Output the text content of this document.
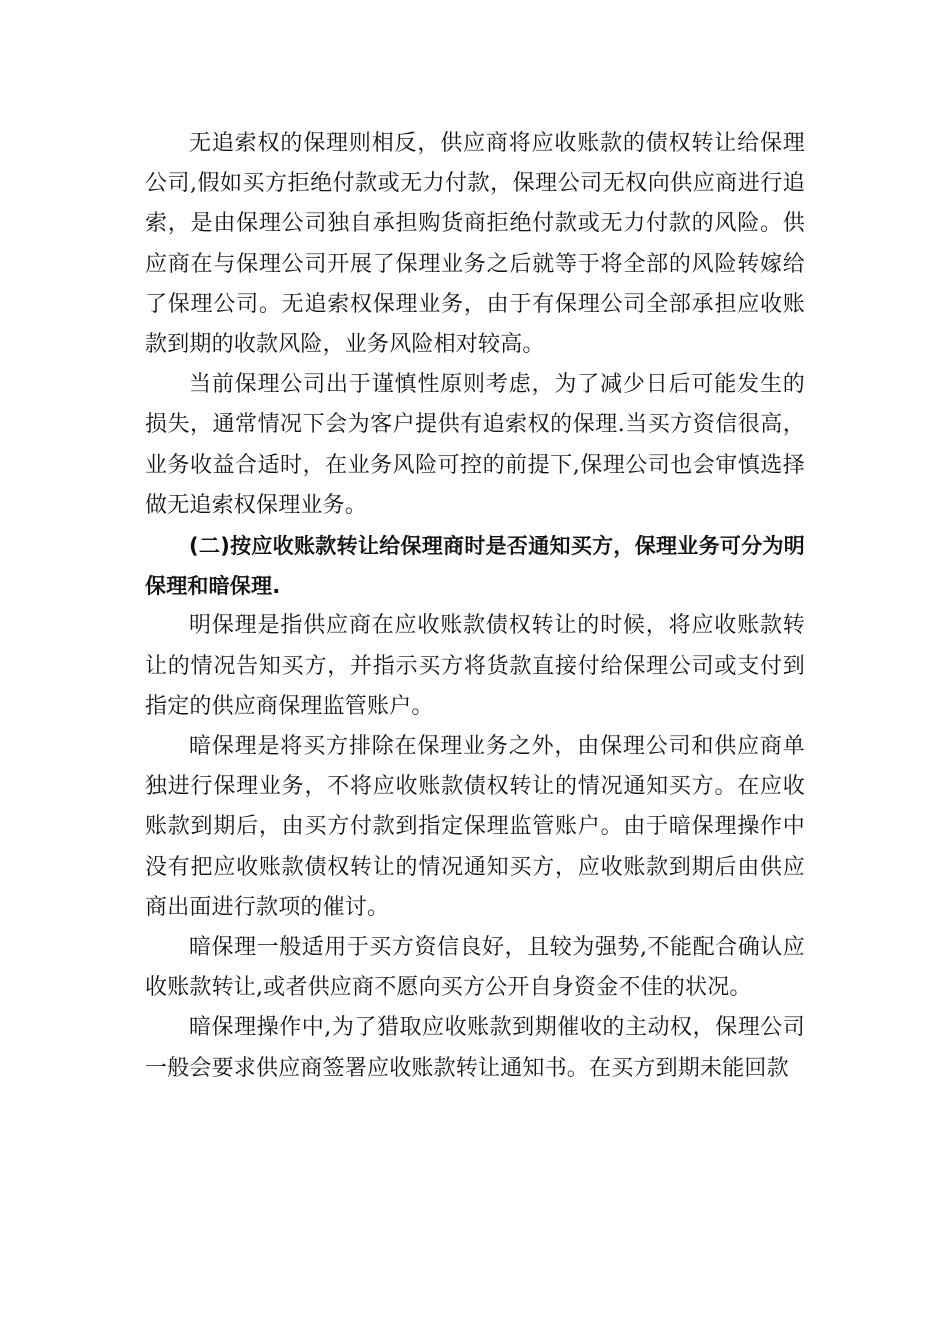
无追索权的保理则相反，供应商将应收账款的债权转让给保理公司,假如买方拒绝付款或无力付款，保理公司无权向供应商进行追索，是由保理公司独自承担购货商拒绝付款或无力付款的风险。供应商在与保理公司开展了保理业务之后就等于将全部的风险转嫁给了保理公司。无追索权保理业务，由于有保理公司全部承担应收账款到期的收款风险，业务风险相对较高。

当前保理公司出于谨慎性原则考虑，为了减少日后可能发生的损失，通常情况下会为客户提供有追索权的保理.当买方资信很高，业务收益合适时，在业务风险可控的前提下,保理公司也会审慎选择做无追索权保理业务。

(二)按应收账款转让给保理商时是否通知买方，保理业务可分为明保理和暗保理.

明保理是指供应商在应收账款债权转让的时候，将应收账款转让的情况告知买方，并指示买方将货款直接付给保理公司或支付到指定的供应商保理监管账户。

暗保理是将买方排除在保理业务之外，由保理公司和供应商单独进行保理业务，不将应收账款债权转让的情况通知买方。在应收账款到期后，由买方付款到指定保理监管账户。由于暗保理操作中没有把应收账款债权转让的情况通知买方，应收账款到期后由供应商出面进行款项的催讨。

暗保理一般适用于买方资信良好，且较为强势,不能配合确认应收账款转让,或者供应商不愿向买方公开自身资金不佳的状况。

暗保理操作中,为了猎取应收账款到期催收的主动权，保理公司一般会要求供应商签署应收账款转让通知书。在买方到期未能回款
